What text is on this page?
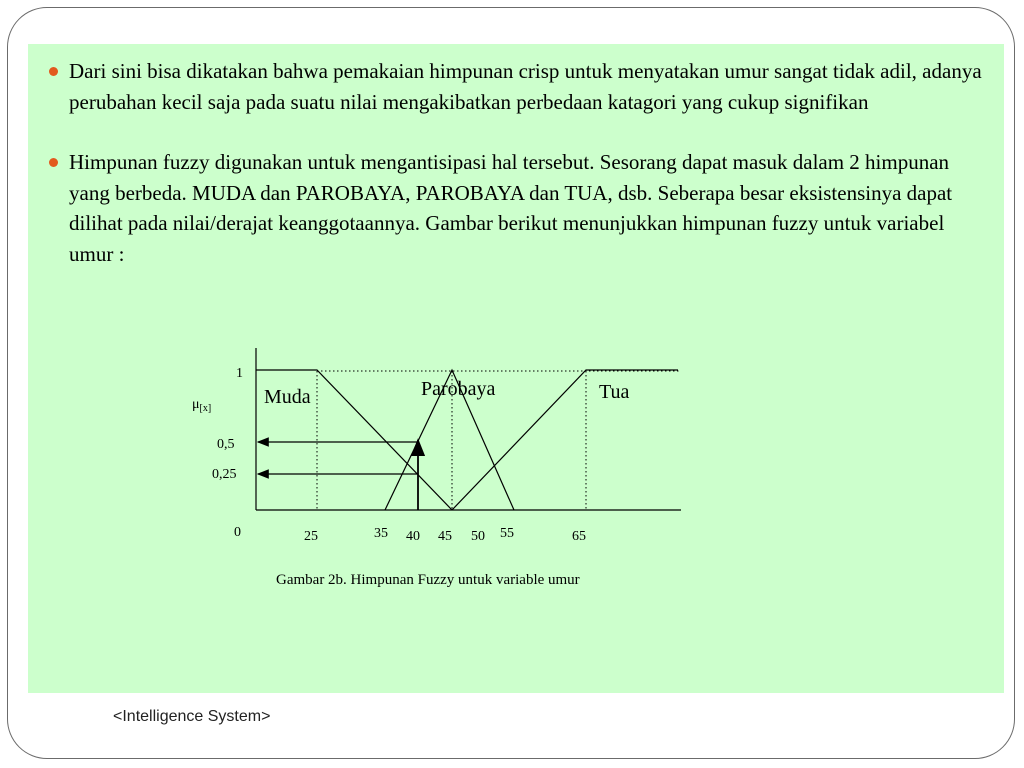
Dari sini bisa dikatakan bahwa pemakaian himpunan crisp untuk menyatakan umur sangat tidak adil, adanya perubahan kecil saja pada suatu nilai mengakibatkan perbedaan katagori yang cukup signifikan
Himpunan fuzzy digunakan untuk mengantisipasi hal tersebut. Sesorang dapat masuk dalam 2 himpunan yang berbeda. MUDA dan PAROBAYA, PAROBAYA dan TUA, dsb. Seberapa besar eksistensinya dapat dilihat pada nilai/derajat keanggotaannya. Gambar berikut menunjukkan himpunan fuzzy untuk variabel umur :
1
$\mu_{[x]}$
0,5
0,25
0	25	35 40 45 50 55	65
Muda	Parobaya	Tua
Gambar 2b. Himpunan Fuzzy untuk variable umur
<Intelligence System>
